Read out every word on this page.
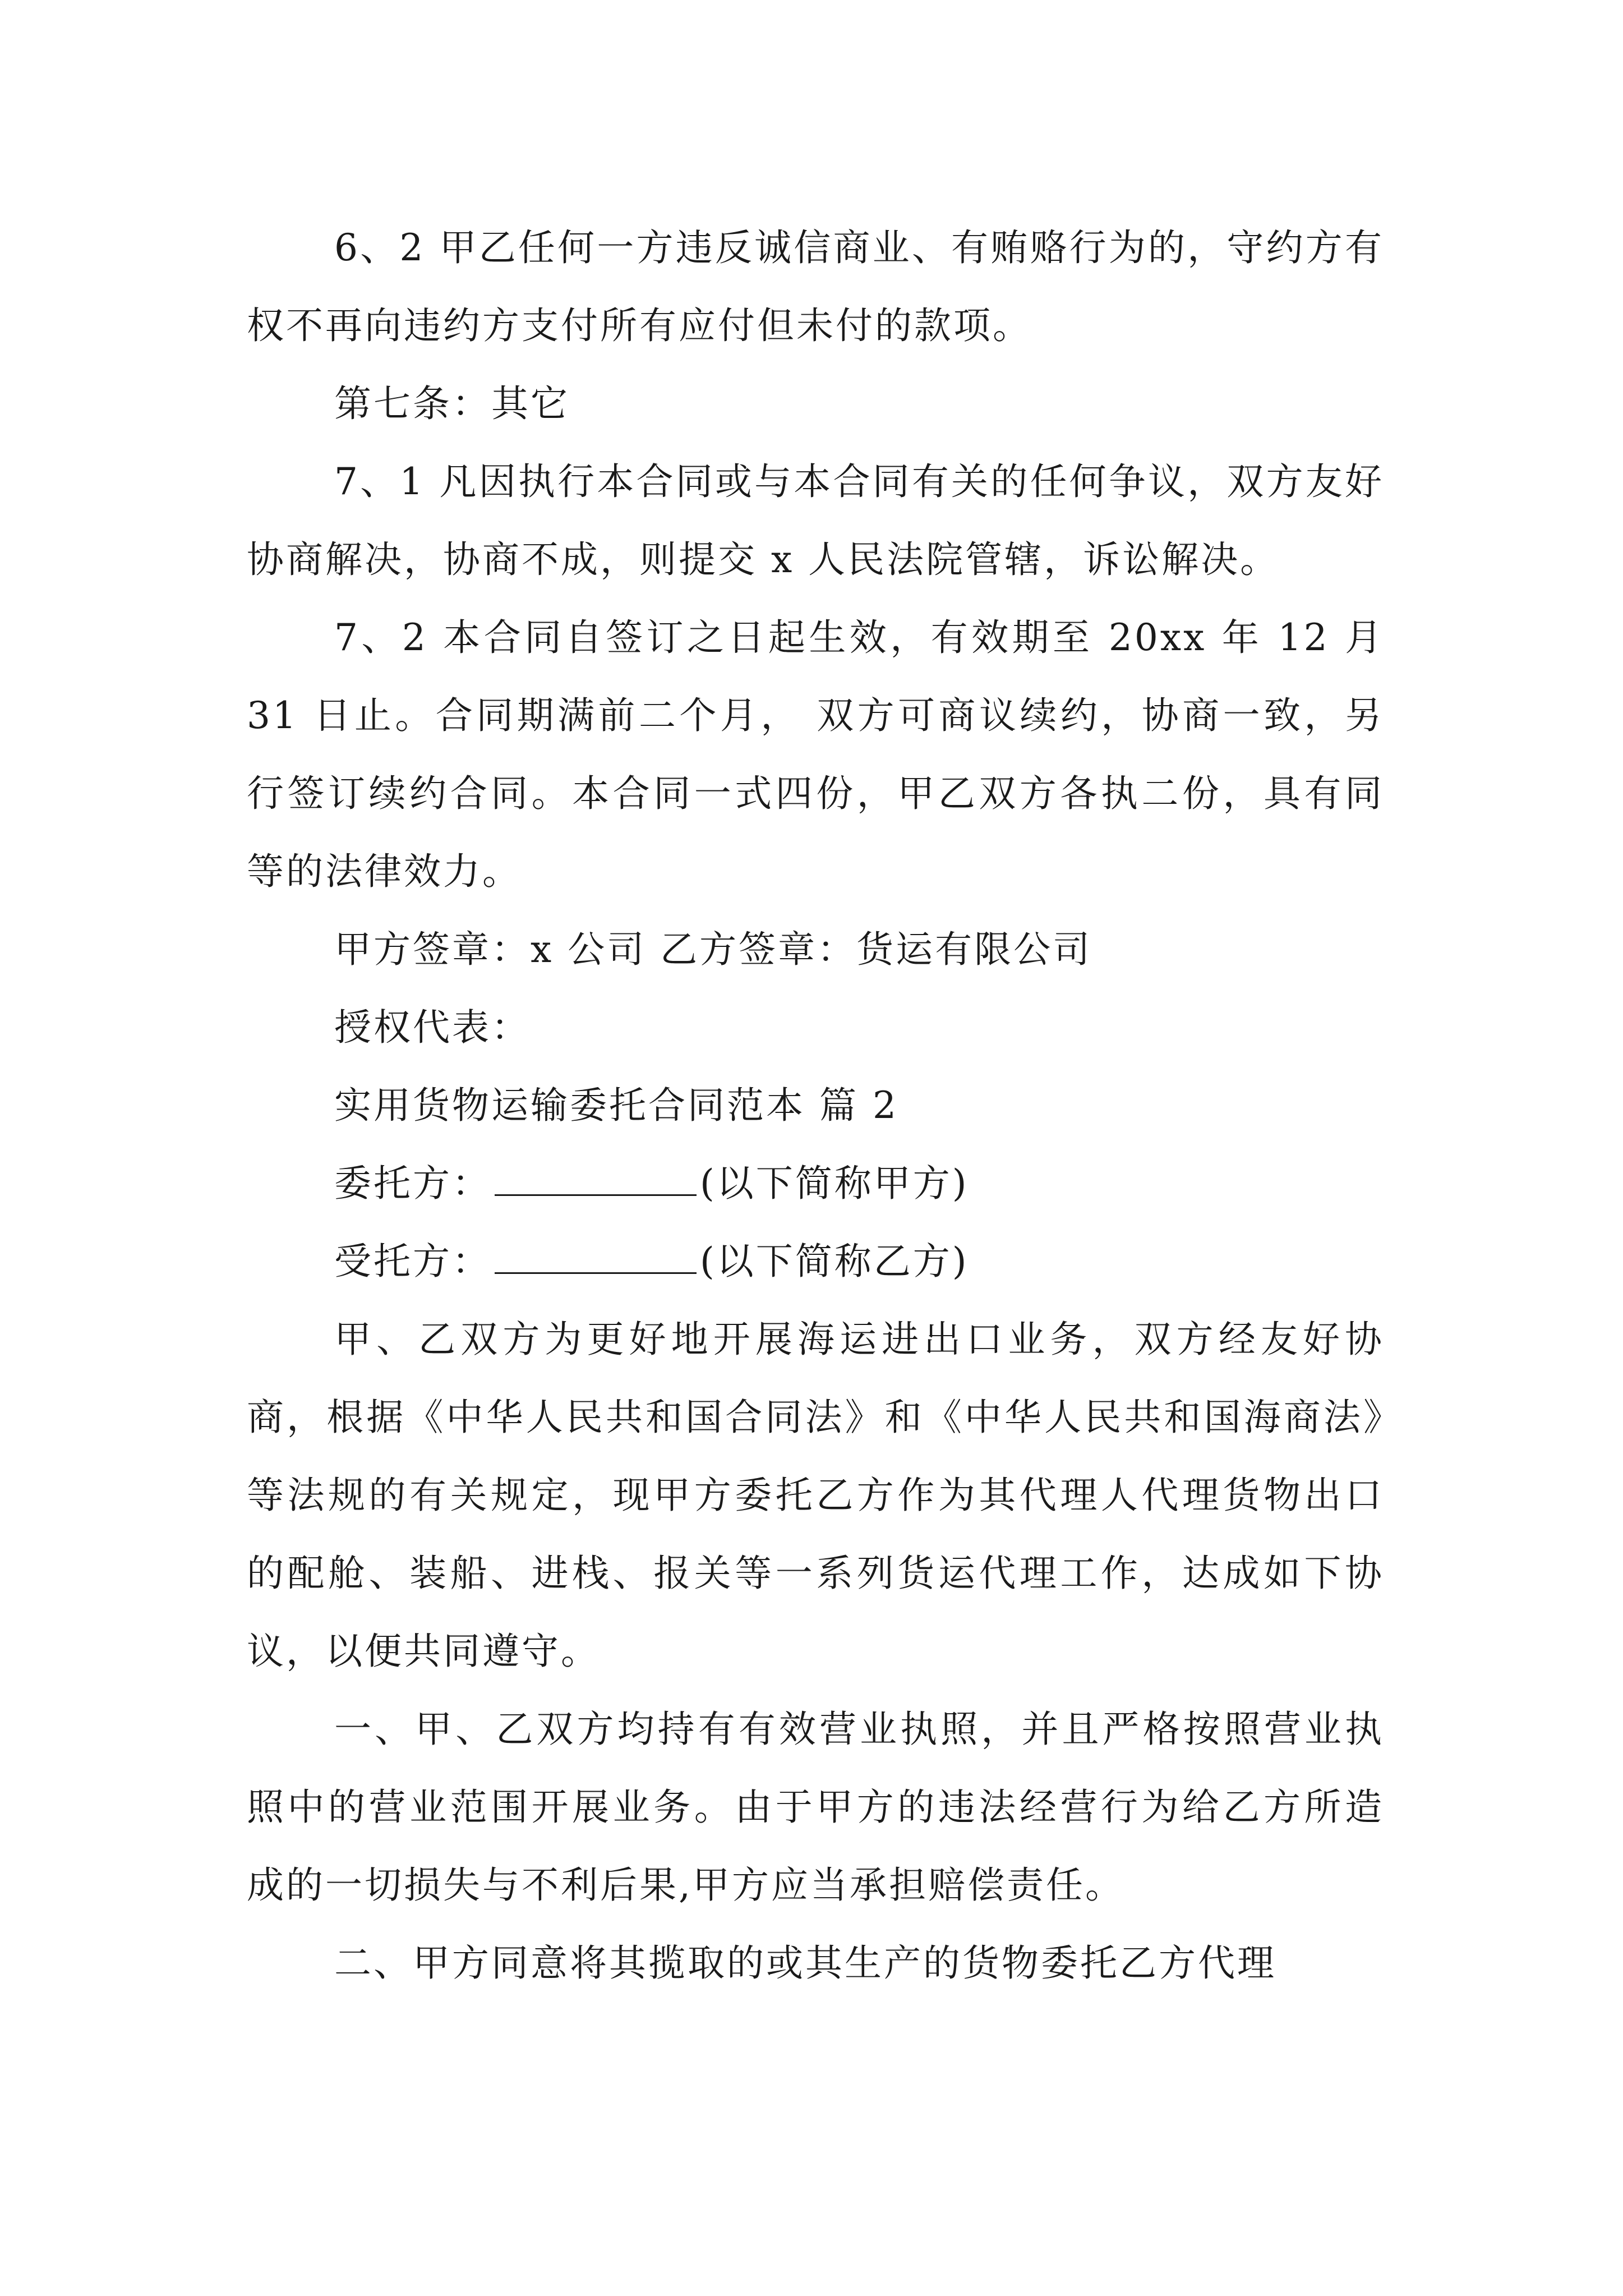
6、2 甲乙任何一方违反诚信商业、有贿赂行为的，守约方有权不再向违约方支付所有应付但未付的款项。

第七条：其它

7、1 凡因执行本合同或与本合同有关的任何争议，双方友好协商解决，协商不成，则提交 x 人民法院管辖，诉讼解决。

7、2 本合同自签订之日起生效，有效期至 20xx 年 12 月 31 日止。合同期满前二个月， 双方可商议续约，协商一致，另行签订续约合同。本合同一式四份，甲乙双方各执二份，具有同等的法律效力。

甲方签章：x 公司 乙方签章：货运有限公司

授权代表：

实用货物运输委托合同范本 篇 2

委托方：	(以下简称甲方)

受托方：	(以下简称乙方)

甲、乙双方为更好地开展海运进出口业务，双方经友好协商，根据《中华人民共和国合同法》和《中华人民共和国海商法》等法规的有关规定，现甲方委托乙方作为其代理人代理货物出口的配舱、装船、进栈、报关等一系列货运代理工作，达成如下协议，以便共同遵守。

一、甲、乙双方均持有有效营业执照，并且严格按照营业执照中的营业范围开展业务。由于甲方的违法经营行为给乙方所造成的一切损失与不利后果,甲方应当承担赔偿责任。

二、甲方同意将其揽取的或其生产的货物委托乙方代理
